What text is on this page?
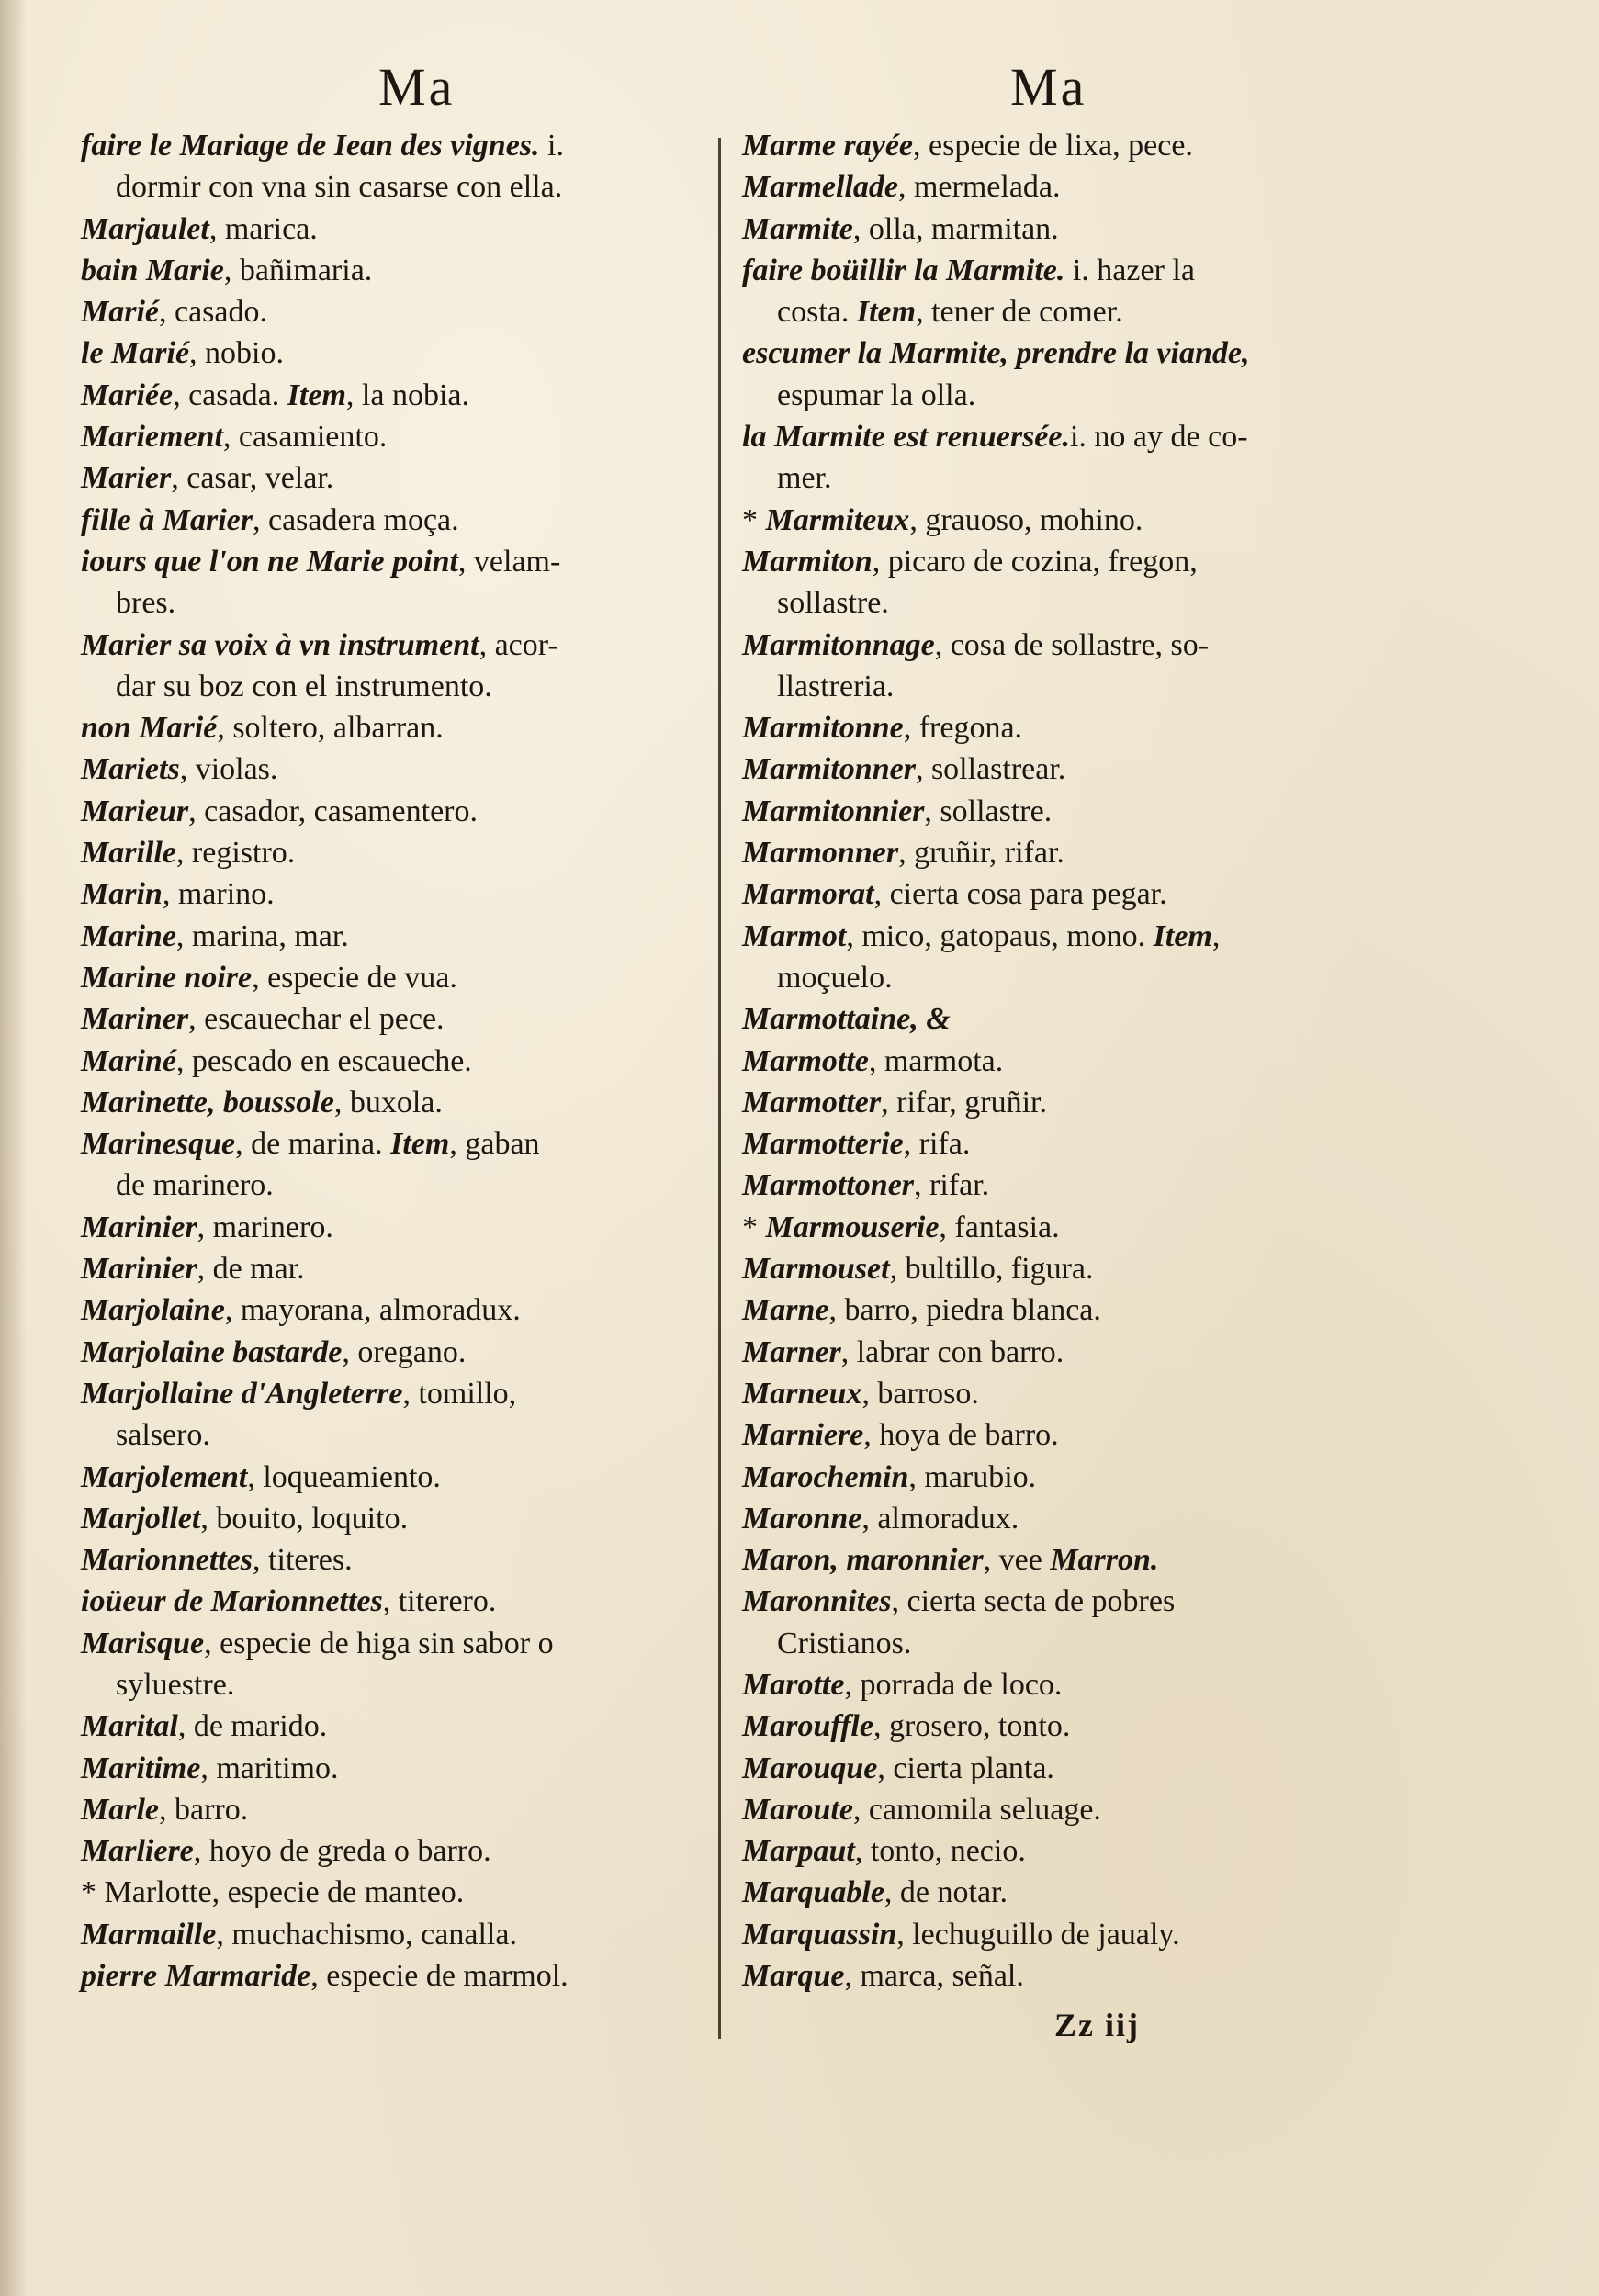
Ma	Ma
faire le Mariage de Iean des vignes. i.
dormir con vna sin casarse con ella.
Marjaulet, marica.
bain Marie, bañimaria.
Marié, casado.
le Marié, nobio.
Mariée, casada. Item, la nobia.
Mariement, casamiento.
Marier, casar, velar.
fille à Marier, casadera moça.
iours que l'on ne Marie point, velam-
bres.
Marier sa voix à vn instrument, acor-
dar su boz con el instrumento.
non Marié, soltero, albarran.
Mariets, violas.
Marieur, casador, casamentero.
Marille, registro.
Marin, marino.
Marine, marina, mar.
Marine noire, especie de vua.
Mariner, escauechar el pece.
Mariné, pescado en escaueche.
Marinette, boussole, buxola.
Marinesque, de marina. Item, gaban
de marinero.
Marinier, marinero.
Marinier, de mar.
Marjolaine, mayorana, almoradux.
Marjolaine bastarde, oregano.
Marjollaine d'Angleterre, tomillo,
salsero.
Marjolement, loqueamiento.
Marjollet, bouito, loquito.
Marionnettes, titeres.
ioüeur de Marionnettes, titerero.
Marisque, especie de higa sin sabor o
syluestre.
Marital, de marido.
Maritime, maritimo.
Marle, barro.
Marliere, hoyo de greda o barro.
* Marlotte, especie de manteo.
Marmaille, muchachismo, canalla.
pierre Marmaride, especie de marmol.
Marme rayée, especie de lixa, pece.
Marmellade, mermelada.
Marmite, olla, marmitan.
faire boüillir la Marmite. i. hazer la
costa. Item, tener de comer.
escumer la Marmite, prendre la viande,
espumar la olla.
la Marmite est renuersée.i. no ay de co-
mer.
* Marmiteux, grauoso, mohino.
Marmiton, picaro de cozina, fregon,
sollastre.
Marmitonnage, cosa de sollastre, so-
llastreria.
Marmitonne, fregona.
Marmitonner, sollastrear.
Marmitonnier, sollastre.
Marmonner, gruñir, rifar.
Marmorat, cierta cosa para pegar.
Marmot, mico, gatopaus, mono. Item,
moçuelo.
Marmottaine, &
Marmotte, marmota.
Marmotter, rifar, gruñir.
Marmotterie, rifa.
Marmottoner, rifar.
* Marmouserie, fantasia.
Marmouset, bultillo, figura.
Marne, barro, piedra blanca.
Marner, labrar con barro.
Marneux, barroso.
Marniere, hoya de barro.
Marochemin, marubio.
Maronne, almoradux.
Maron, maronnier, vee Marron.
Maronnites, cierta secta de pobres
Cristianos.
Marotte, porrada de loco.
Marouffle, grosero, tonto.
Marouque, cierta planta.
Maroute, camomila seluage.
Marpaut, tonto, necio.
Marquable, de notar.
Marquassin, lechuguillo de jaualy.
Marque, marca, señal.
Zz iij
